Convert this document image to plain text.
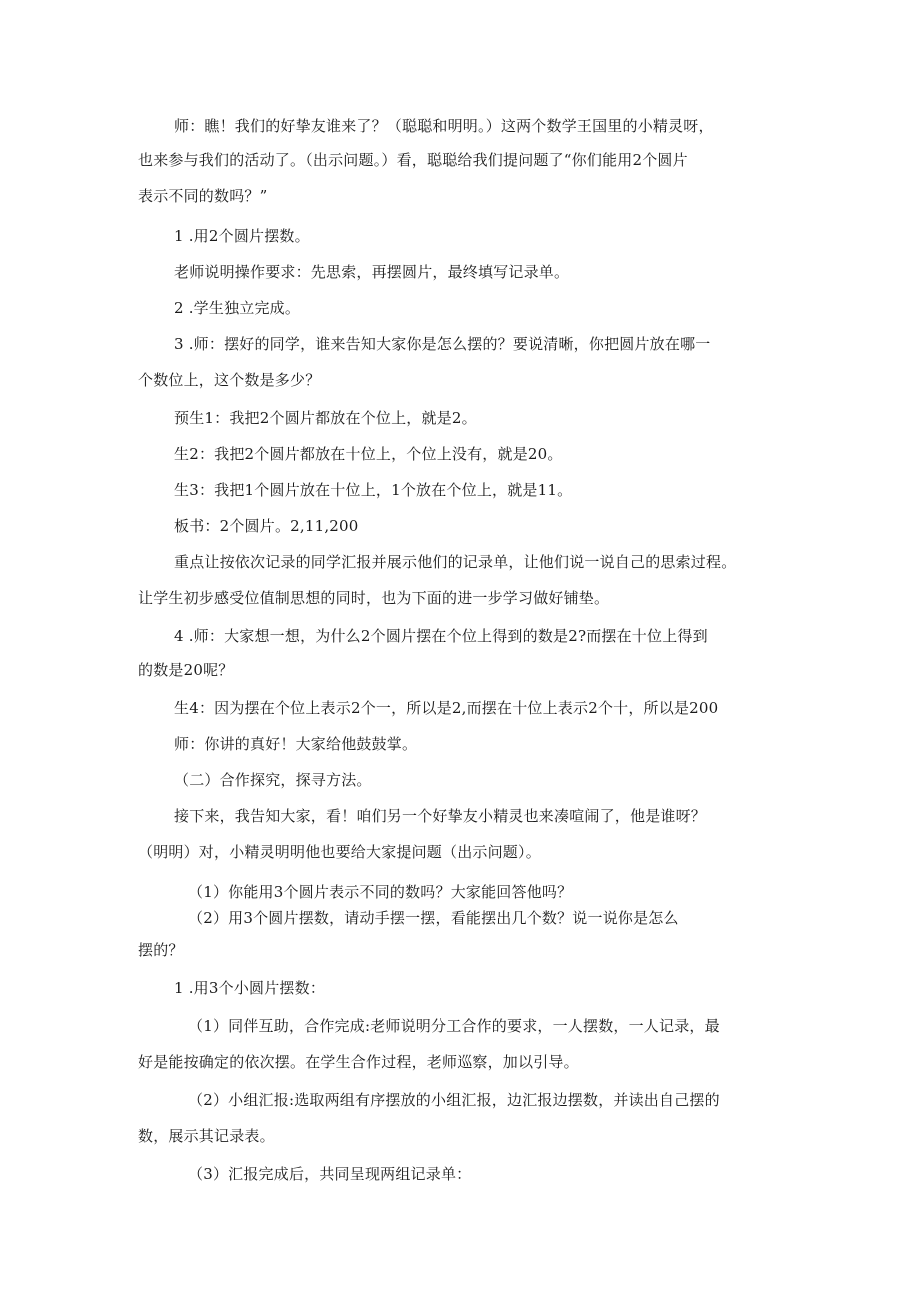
师：瞧！我们的好挚友谁来了？（聪聪和明明。）这两个数学王国里的小精灵呀，
也来参与我们的活动了。（出示问题。）看，聪聪给我们提问题了“你们能用2个圆片
表示不同的数吗？”
1 .用2个圆片摆数。
老师说明操作要求：先思索，再摆圆片，最终填写记录单。
2 .学生独立完成。
3 .师：摆好的同学，谁来告知大家你是怎么摆的？要说清晰，你把圆片放在哪一
个数位上，这个数是多少？
预生1：我把2个圆片都放在个位上，就是2。
生2：我把2个圆片都放在十位上，个位上没有，就是20。
生3：我把1个圆片放在十位上，1个放在个位上，就是11。
板书：2个圆片。2,11,200
重点让按依次记录的同学汇报并展示他们的记录单，让他们说一说自己的思索过程。
让学生初步感受位值制思想的同时，也为下面的进一步学习做好铺垫。
4 .师：大家想一想，为什么2个圆片摆在个位上得到的数是2?而摆在十位上得到
的数是20呢？
生4：因为摆在个位上表示2个一，所以是2,而摆在十位上表示2个十，所以是200
师：你讲的真好！大家给他鼓鼓掌。
（二）合作探究，探寻方法。
接下来，我告知大家，看！咱们另一个好挚友小精灵也来凑喧闹了，他是谁呀？
（明明）对，小精灵明明他也要给大家提问题（出示问题）。
（1）你能用3个圆片表示不同的数吗？大家能回答他吗？
（2）用3个圆片摆数，请动手摆一摆，看能摆出几个数？说一说你是怎么
摆的？
1 .用3个小圆片摆数：
（1）同伴互助，合作完成:老师说明分工合作的要求，一人摆数，一人记录，最
好是能按确定的依次摆。在学生合作过程，老师巡察，加以引导。
（2）小组汇报:选取两组有序摆放的小组汇报，边汇报边摆数，并读出自己摆的
数，展示其记录表。
（3）汇报完成后，共同呈现两组记录单：
